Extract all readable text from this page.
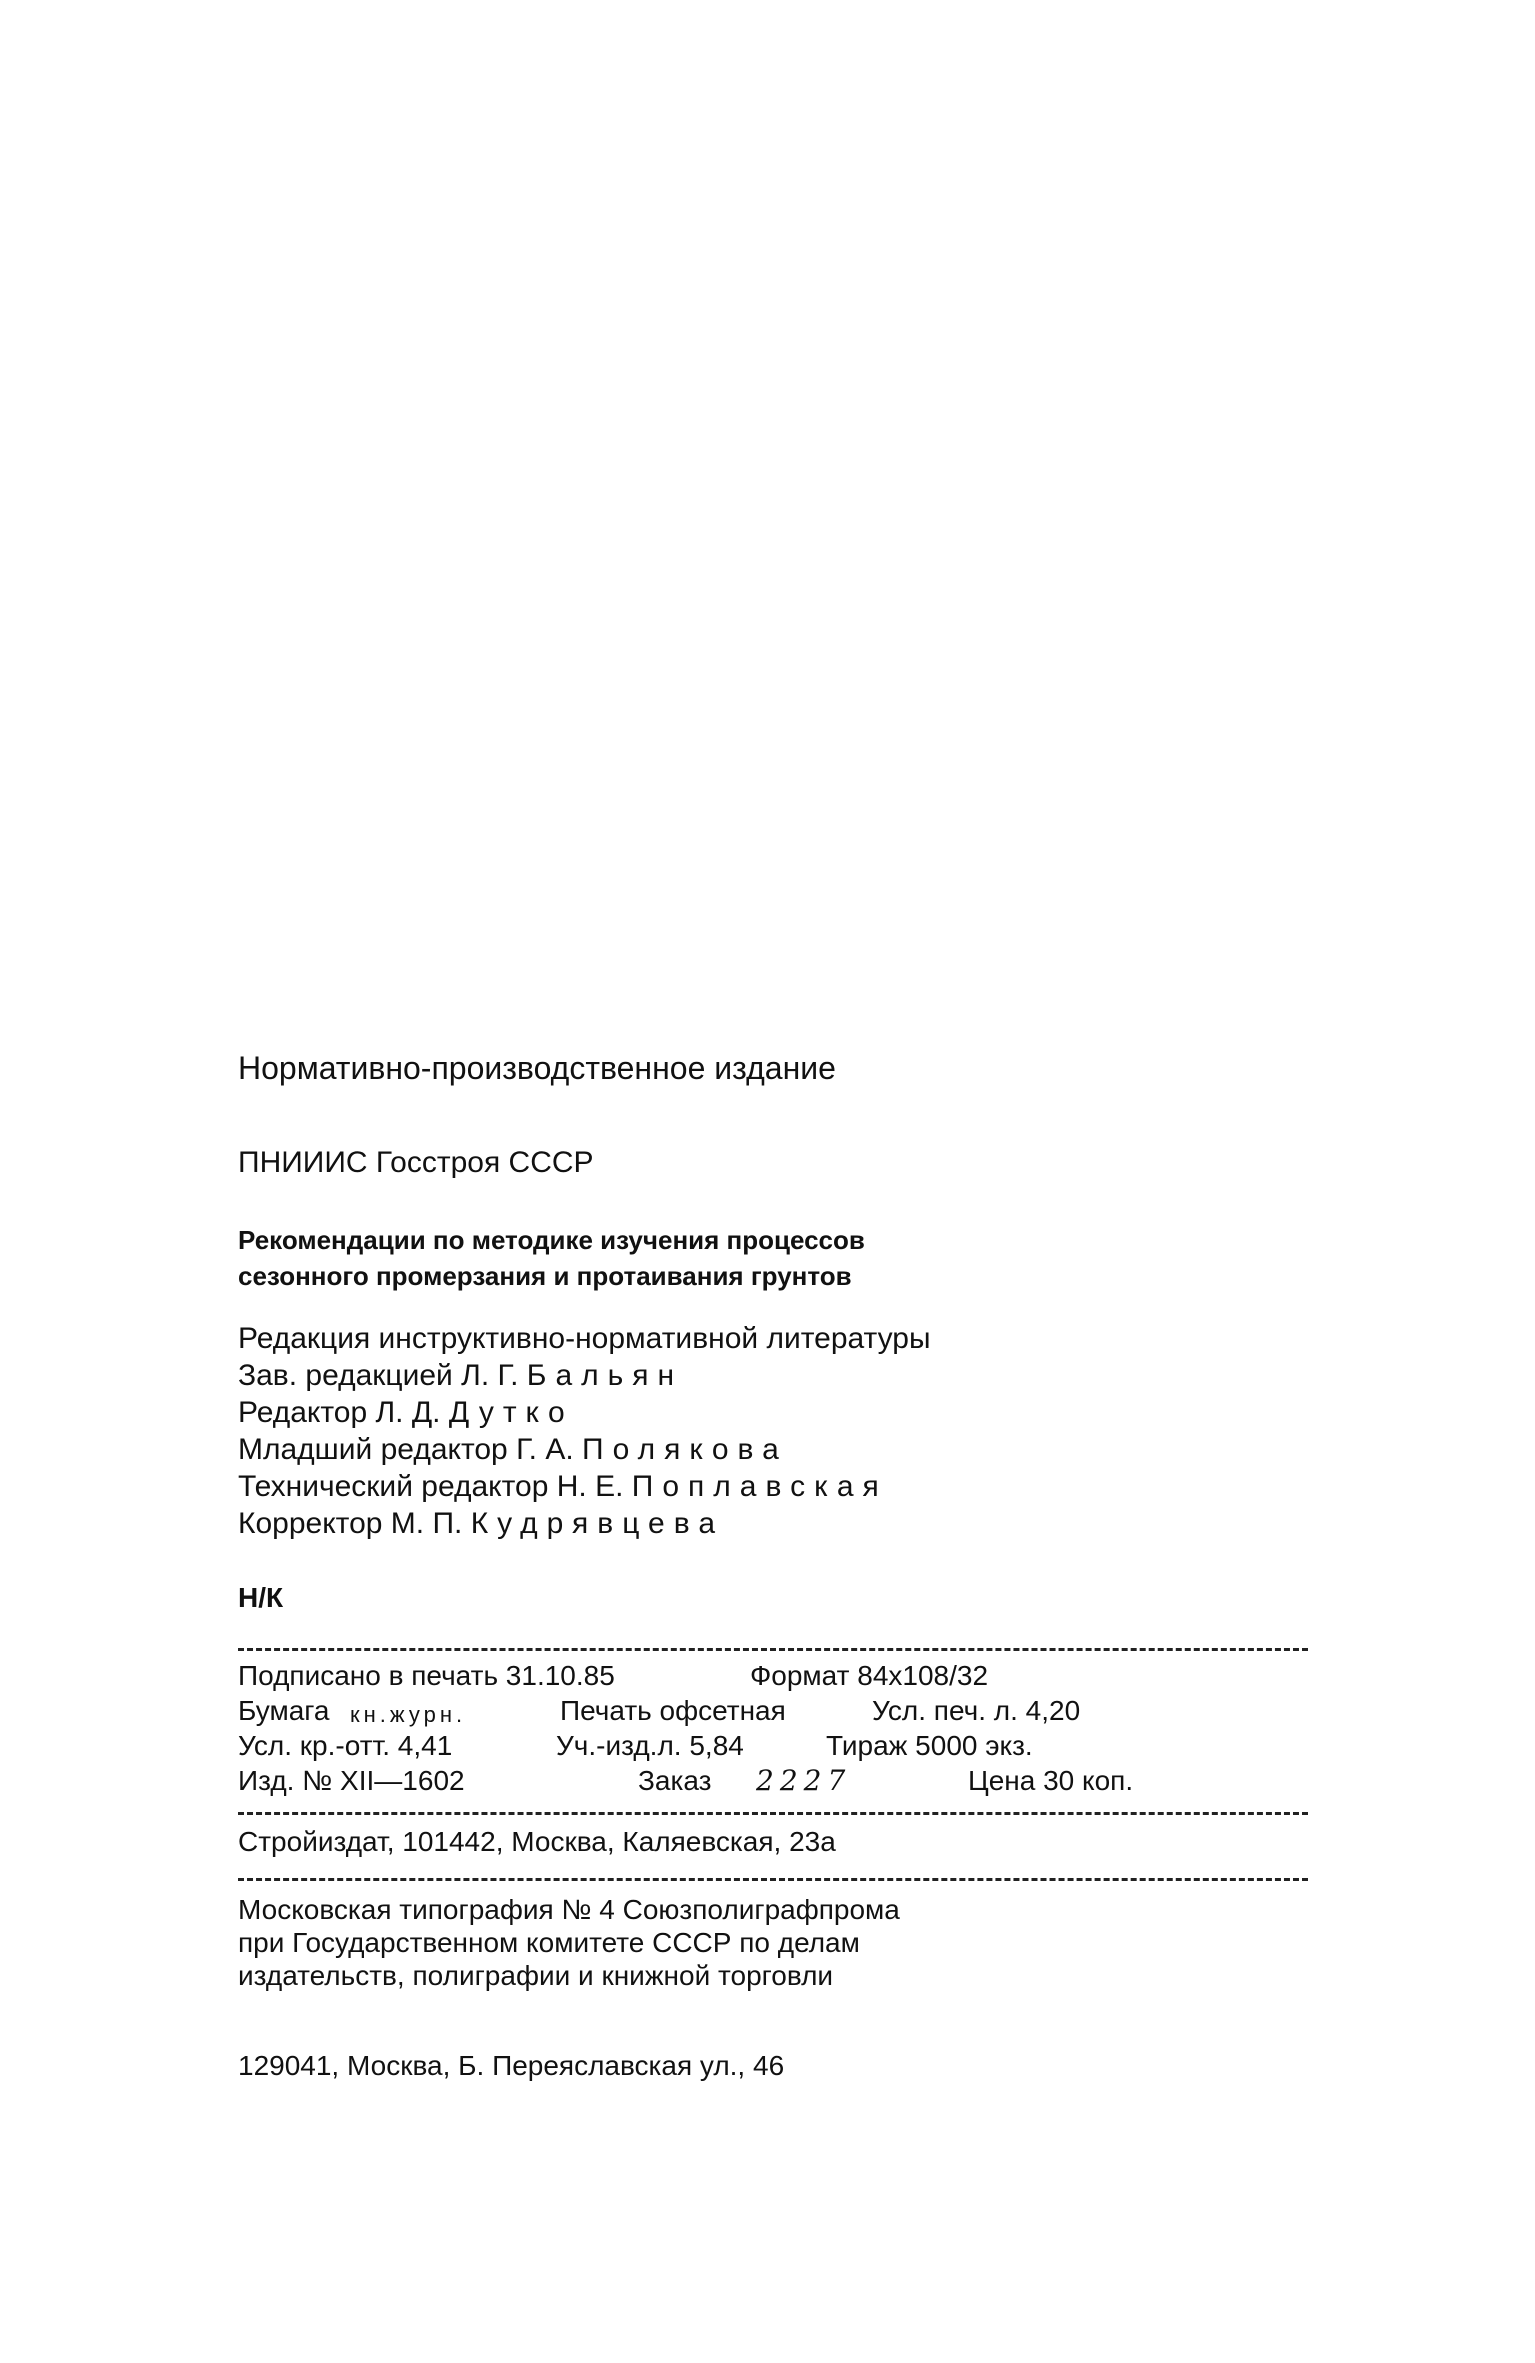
Нормативно-производственное издание
ПНИИИС Госстроя СССР
Рекомендации по методике изучения процессов
сезонного промерзания и протаивания грунтов
Редакция инструктивно-нормативной литературы
Зав. редакцией Л. Г. Бальян
Редактор Л. Д. Дутко
Младший редактор Г. А. Полякова
Технический редактор Н. Е. Поплавская
Корректор М. П. Кудрявцева
Н/К
Подписано в печать 31.10.85	Формат 84x108/32
Бумага кн.журн.	Печать офсетная	Усл. печ. л. 4,20
Усл. кр.-отт. 4,41	Уч.-изд.л. 5,84	Тираж 5000 экз.
Изд. № XII—1602	Заказ 2227	Цена 30 коп.
Стройиздат, 101442, Москва, Каляевская, 23а
Московская типография № 4 Союзполиграфпрома
при Государственном комитете СССР по делам
издательств, полиграфии и книжной торговли
129041, Москва, Б. Переяславская ул., 46
